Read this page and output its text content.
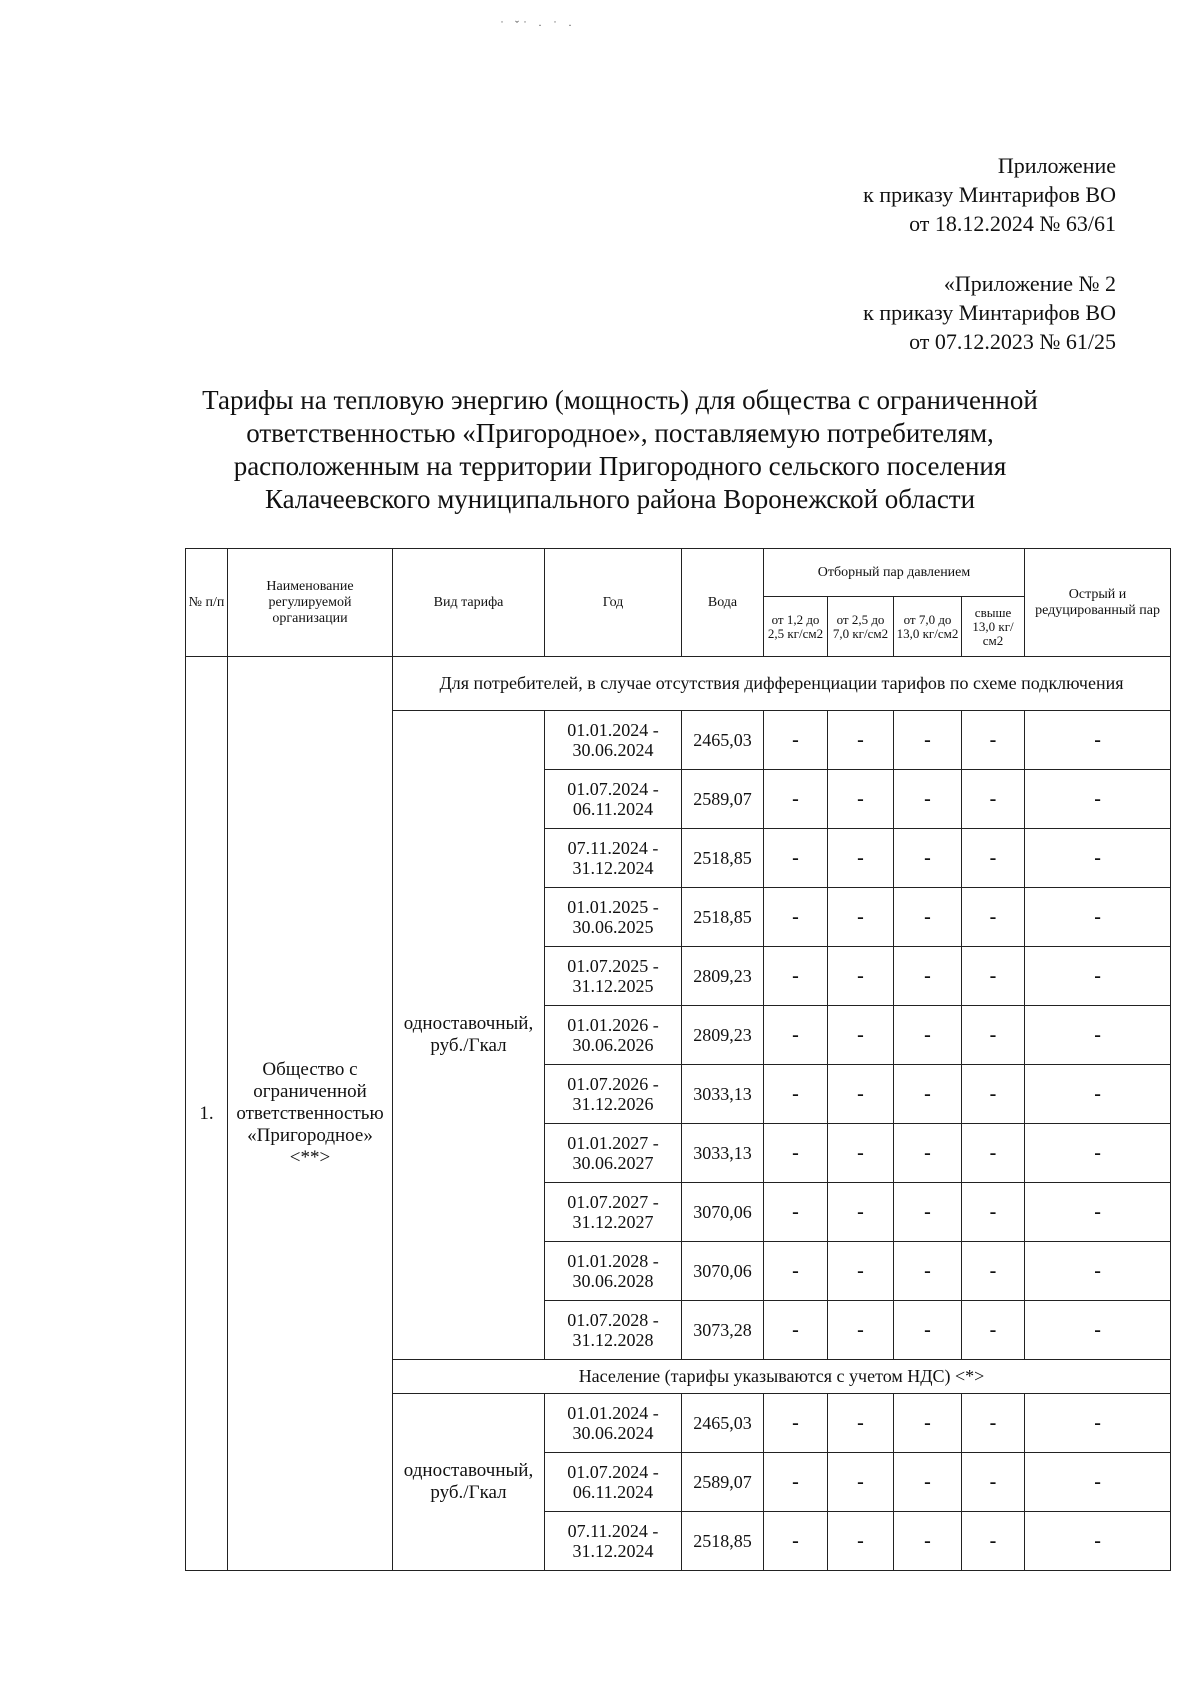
˙ ˇ˙ · ˙ ·
Приложение
к приказу Минтарифов ВО
от 18.12.2024 № 63/61
«Приложение № 2
к приказу Минтарифов ВО
от 07.12.2023 № 61/25
Тарифы на тепловую энергию (мощность) для общества с ограниченной
ответственностью «Пригородное», поставляемую потребителям,
расположенным на территории Пригородного сельского поселения
Калачеевского муниципального района Воронежской области
№ п/п	Наименование регулируемой организации	Вид тарифа	Год	Вода	Отборный пар давлением				Острый и редуцированный пар
					от 1,2 до 2,5 кг/см2	от 2,5 до 7,0 кг/см2	от 7,0 до 13,0 кг/см2	свыше 13,0 кг/см2	
1.	Общество с ограниченной ответственностью «Пригородное» <**>	Для потребителей, в случае отсутствия дифференциации тарифов по схеме подключения							
		одноставочный, руб./Гкал	01.01.2024 -
30.06.2024	2465,03	-	-	-	-	-

			01.07.2024 -
06.11.2024	2589,07	-	-	-	-	-

			07.11.2024 -
31.12.2024	2518,85	-	-	-	-	-

			01.01.2025 -
30.06.2025	2518,85	-	-	-	-	-

			01.07.2025 -
31.12.2025	2809,23	-	-	-	-	-

			01.01.2026 -
30.06.2026	2809,23	-	-	-	-	-

			01.07.2026 -
31.12.2026	3033,13	-	-	-	-	-

			01.01.2027 -
30.06.2027	3033,13	-	-	-	-	-

			01.07.2027 -
31.12.2027	3070,06	-	-	-	-	-

			01.01.2028 -
30.06.2028	3070,06	-	-	-	-	-

			01.07.2028 -
31.12.2028	3073,28	-	-	-	-	-
		Население (тарифы указываются с учетом НДС) <*>							
		одноставочный, руб./Гкал	01.01.2024 -
30.06.2024	2465,03	-	-	-	-	-

			01.07.2024 -
06.11.2024	2589,07	-	-	-	-	-

			07.11.2024 -
31.12.2024	2518,85	-	-	-	-	-
